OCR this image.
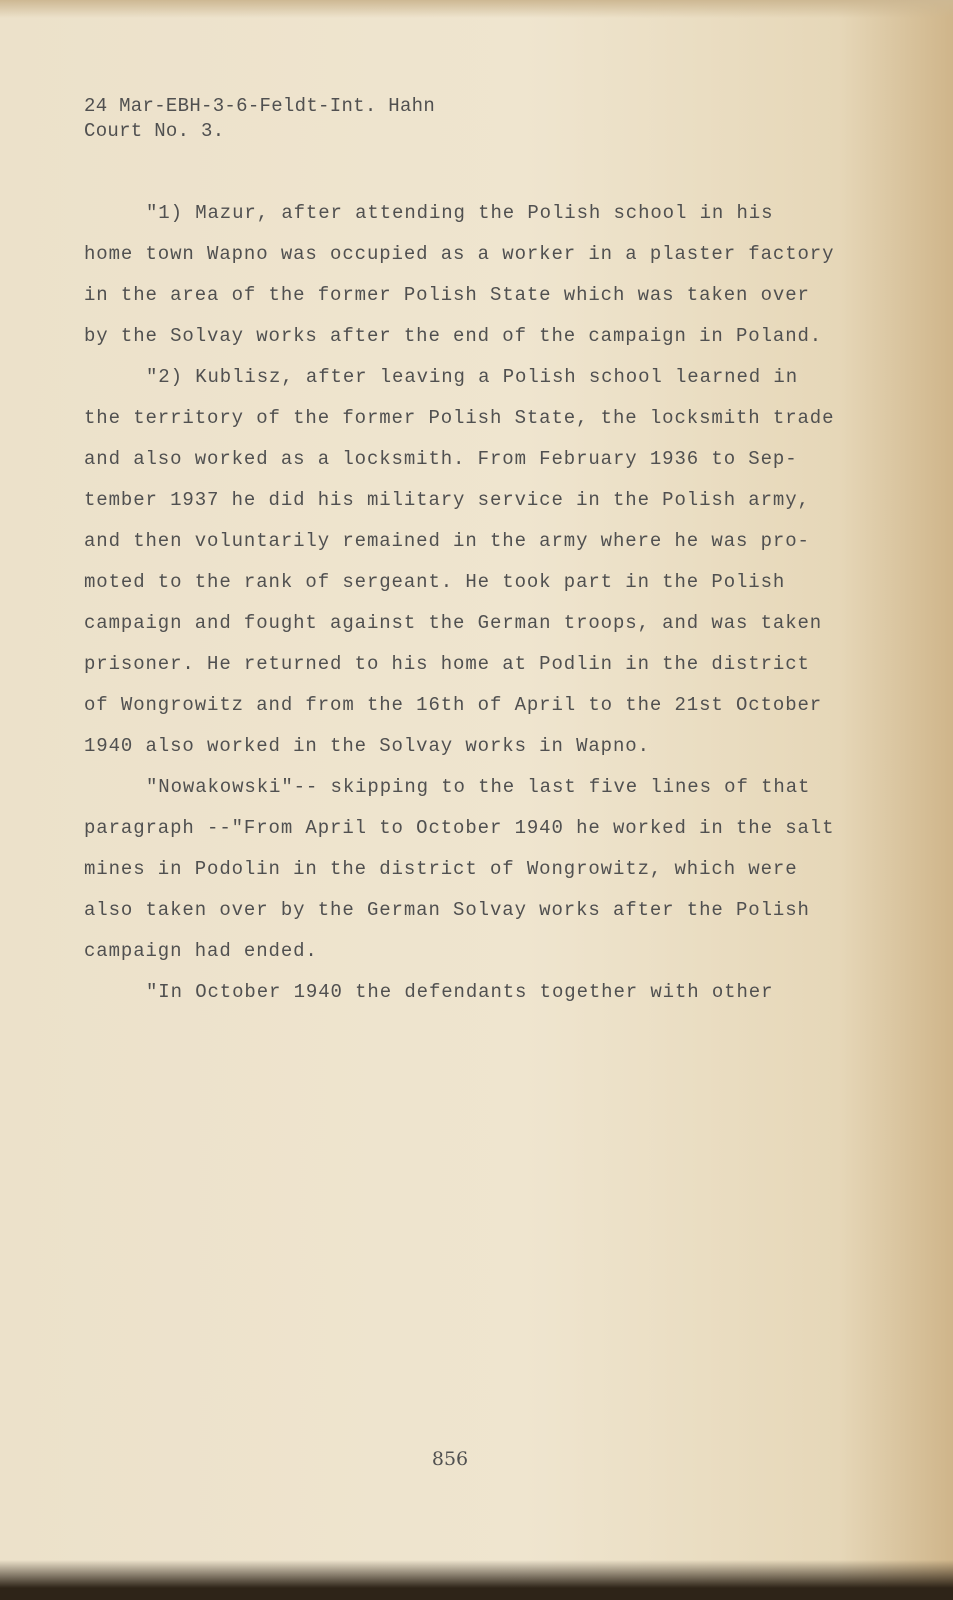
24 Mar-EBH-3-6-Feldt-Int. Hahn
Court No. 3.
"1) Mazur, after attending the Polish school in his
home town Wapno was occupied as a worker in a plaster factory
in the area of the former Polish State which was taken over
by the Solvay works after the end of the campaign in Poland.
"2) Kublisz, after leaving a Polish school learned in
the territory of the former Polish State, the locksmith trade
and also worked as a locksmith. From February 1936 to Sep-
tember 1937 he did his military service in the Polish army,
and then voluntarily remained in the army where he was pro-
moted to the rank of sergeant. He took part in the Polish
campaign and fought against the German troops, and was taken
prisoner. He returned to his home at Podlin in the district
of Wongrowitz and from the 16th of April to the 21st October
1940 also worked in the Solvay works in Wapno.
"Nowakowski"-- skipping to the last five lines of that
paragraph --"From April to October 1940 he worked in the salt
mines in Podolin in the district of Wongrowitz, which were
also taken over by the German Solvay works after the Polish
campaign had ended.
"In October 1940 the defendants together with other
856
